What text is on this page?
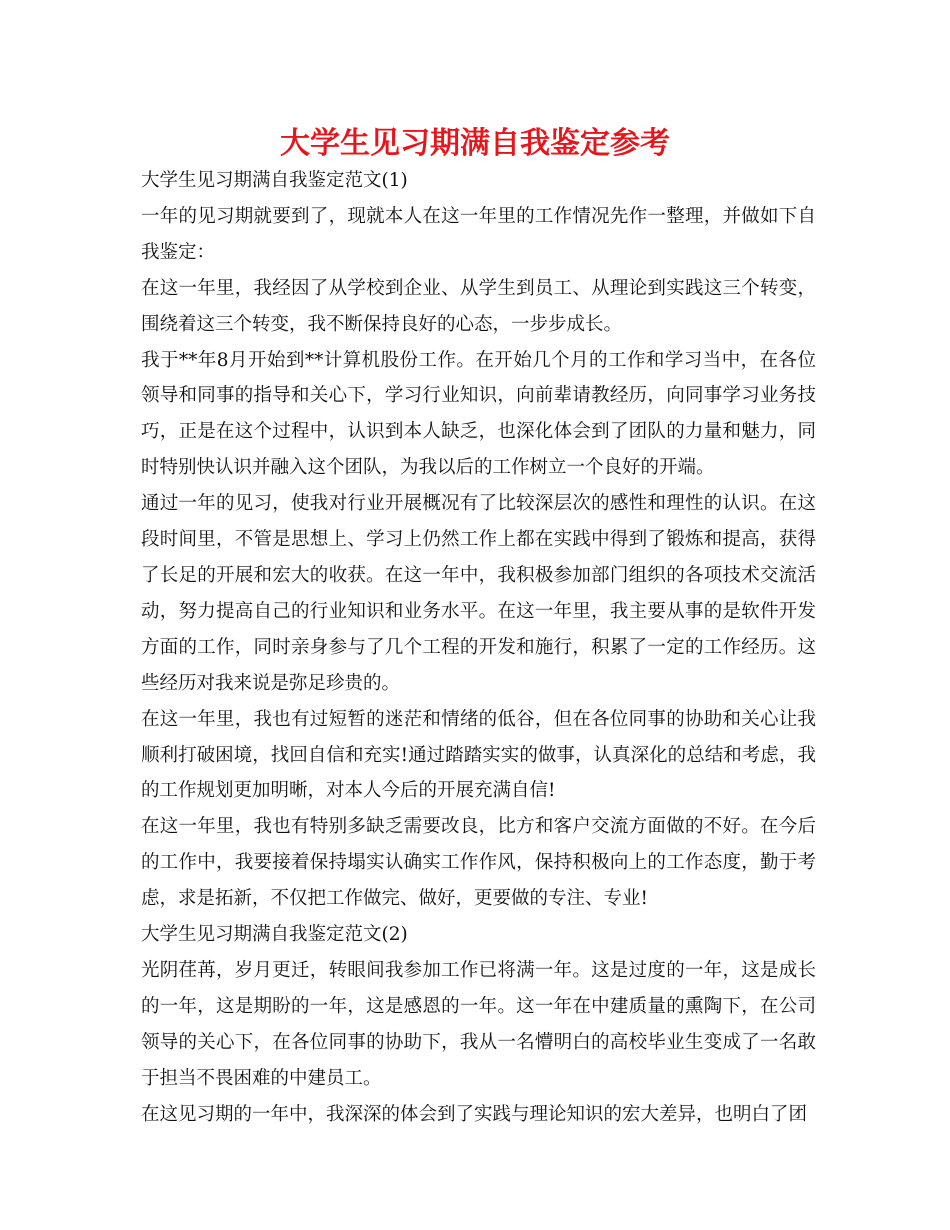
大学生见习期满自我鉴定参考

大学生见习期满自我鉴定范文(1)

一年的见习期就要到了，现就本人在这一年里的工作情况先作一整理，并做如下自我鉴定：

在这一年里，我经因了从学校到企业、从学生到员工、从理论到实践这三个转变，围绕着这三个转变，我不断保持良好的心态，一步步成长。

我于**年8月开始到**计算机股份工作。在开始几个月的工作和学习当中，在各位领导和同事的指导和关心下，学习行业知识，向前辈请教经历，向同事学习业务技巧，正是在这个过程中，认识到本人缺乏，也深化体会到了团队的力量和魅力，同时特别快认识并融入这个团队，为我以后的工作树立一个良好的开端。

通过一年的见习，使我对行业开展概况有了比较深层次的感性和理性的认识。在这段时间里，不管是思想上、学习上仍然工作上都在实践中得到了锻炼和提高，获得了长足的开展和宏大的收获。在这一年中，我积极参加部门组织的各项技术交流活动，努力提高自己的行业知识和业务水平。在这一年里，我主要从事的是软件开发方面的工作，同时亲身参与了几个工程的开发和施行，积累了一定的工作经历。这些经历对我来说是弥足珍贵的。

在这一年里，我也有过短暂的迷茫和情绪的低谷，但在各位同事的协助和关心让我顺利打破困境，找回自信和充实!通过踏踏实实的做事，认真深化的总结和考虑，我的工作规划更加明晰，对本人今后的开展充满自信!

在这一年里，我也有特别多缺乏需要改良，比方和客户交流方面做的不好。在今后的工作中，我要接着保持塌实认确实工作作风，保持积极向上的工作态度，勤于考虑，求是拓新，不仅把工作做完、做好，更要做的专注、专业!

大学生见习期满自我鉴定范文(2)

光阴荏苒，岁月更迁，转眼间我参加工作已将满一年。这是过度的一年，这是成长的一年，这是期盼的一年，这是感恩的一年。这一年在中建质量的熏陶下，在公司领导的关心下，在各位同事的协助下，我从一名懵明白的高校毕业生变成了一名敢于担当不畏困难的中建员工。

在这见习期的一年中，我深深的体会到了实践与理论知识的宏大差异，也明白了团
